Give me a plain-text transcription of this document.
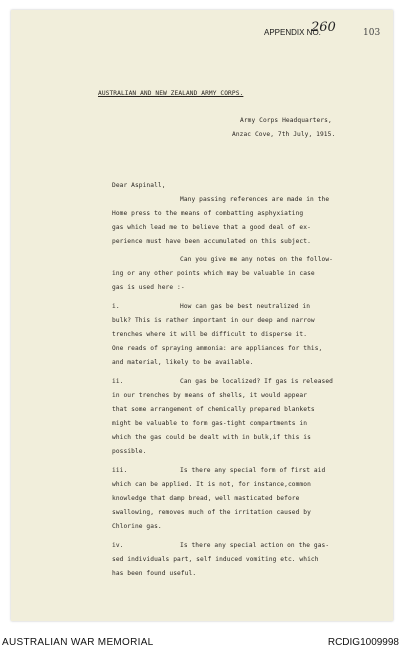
APPENDIX NO.
260	103
AUSTRALIAN AND NEW ZEALAND ARMY CORPS.
Army Corps Headquarters,
Anzac Cove, 7th July, 1915.
Dear Aspinall,
Many passing references are made in the
Home press to the means of combatting asphyxiating
gas which lead me to believe that a good deal of ex-
perience must have been accumulated on this subject.
Can you give me any notes on the follow-
ing or any other points which may be valuable in case
gas is used here :-
i.	How can gas be best neutralized in
bulk? This is rather important in our deep and narrow
trenches where it will be difficult to disperse it.
One reads of spraying ammonia: are appliances for this,
and material, likely to be available.
ii.	Can gas be localized? If gas is released
in our trenches by means of shells, it would appear
that some arrangement of chemically prepared blankets
might be valuable to form gas-tight compartments in
which the gas could be dealt with in bulk,if this is
possible.
iii.	Is there any special form of first aid
which can be applied. It is not, for instance,common
knowledge that damp bread, well masticated before
swallowing, removes much of the irritation caused by
Chlorine gas.
iv.	Is there any special action on the gas-
sed individuals part, self induced vomiting etc. which
has been found useful.
AUSTRALIAN WAR MEMORIAL	RCDIG1009998
